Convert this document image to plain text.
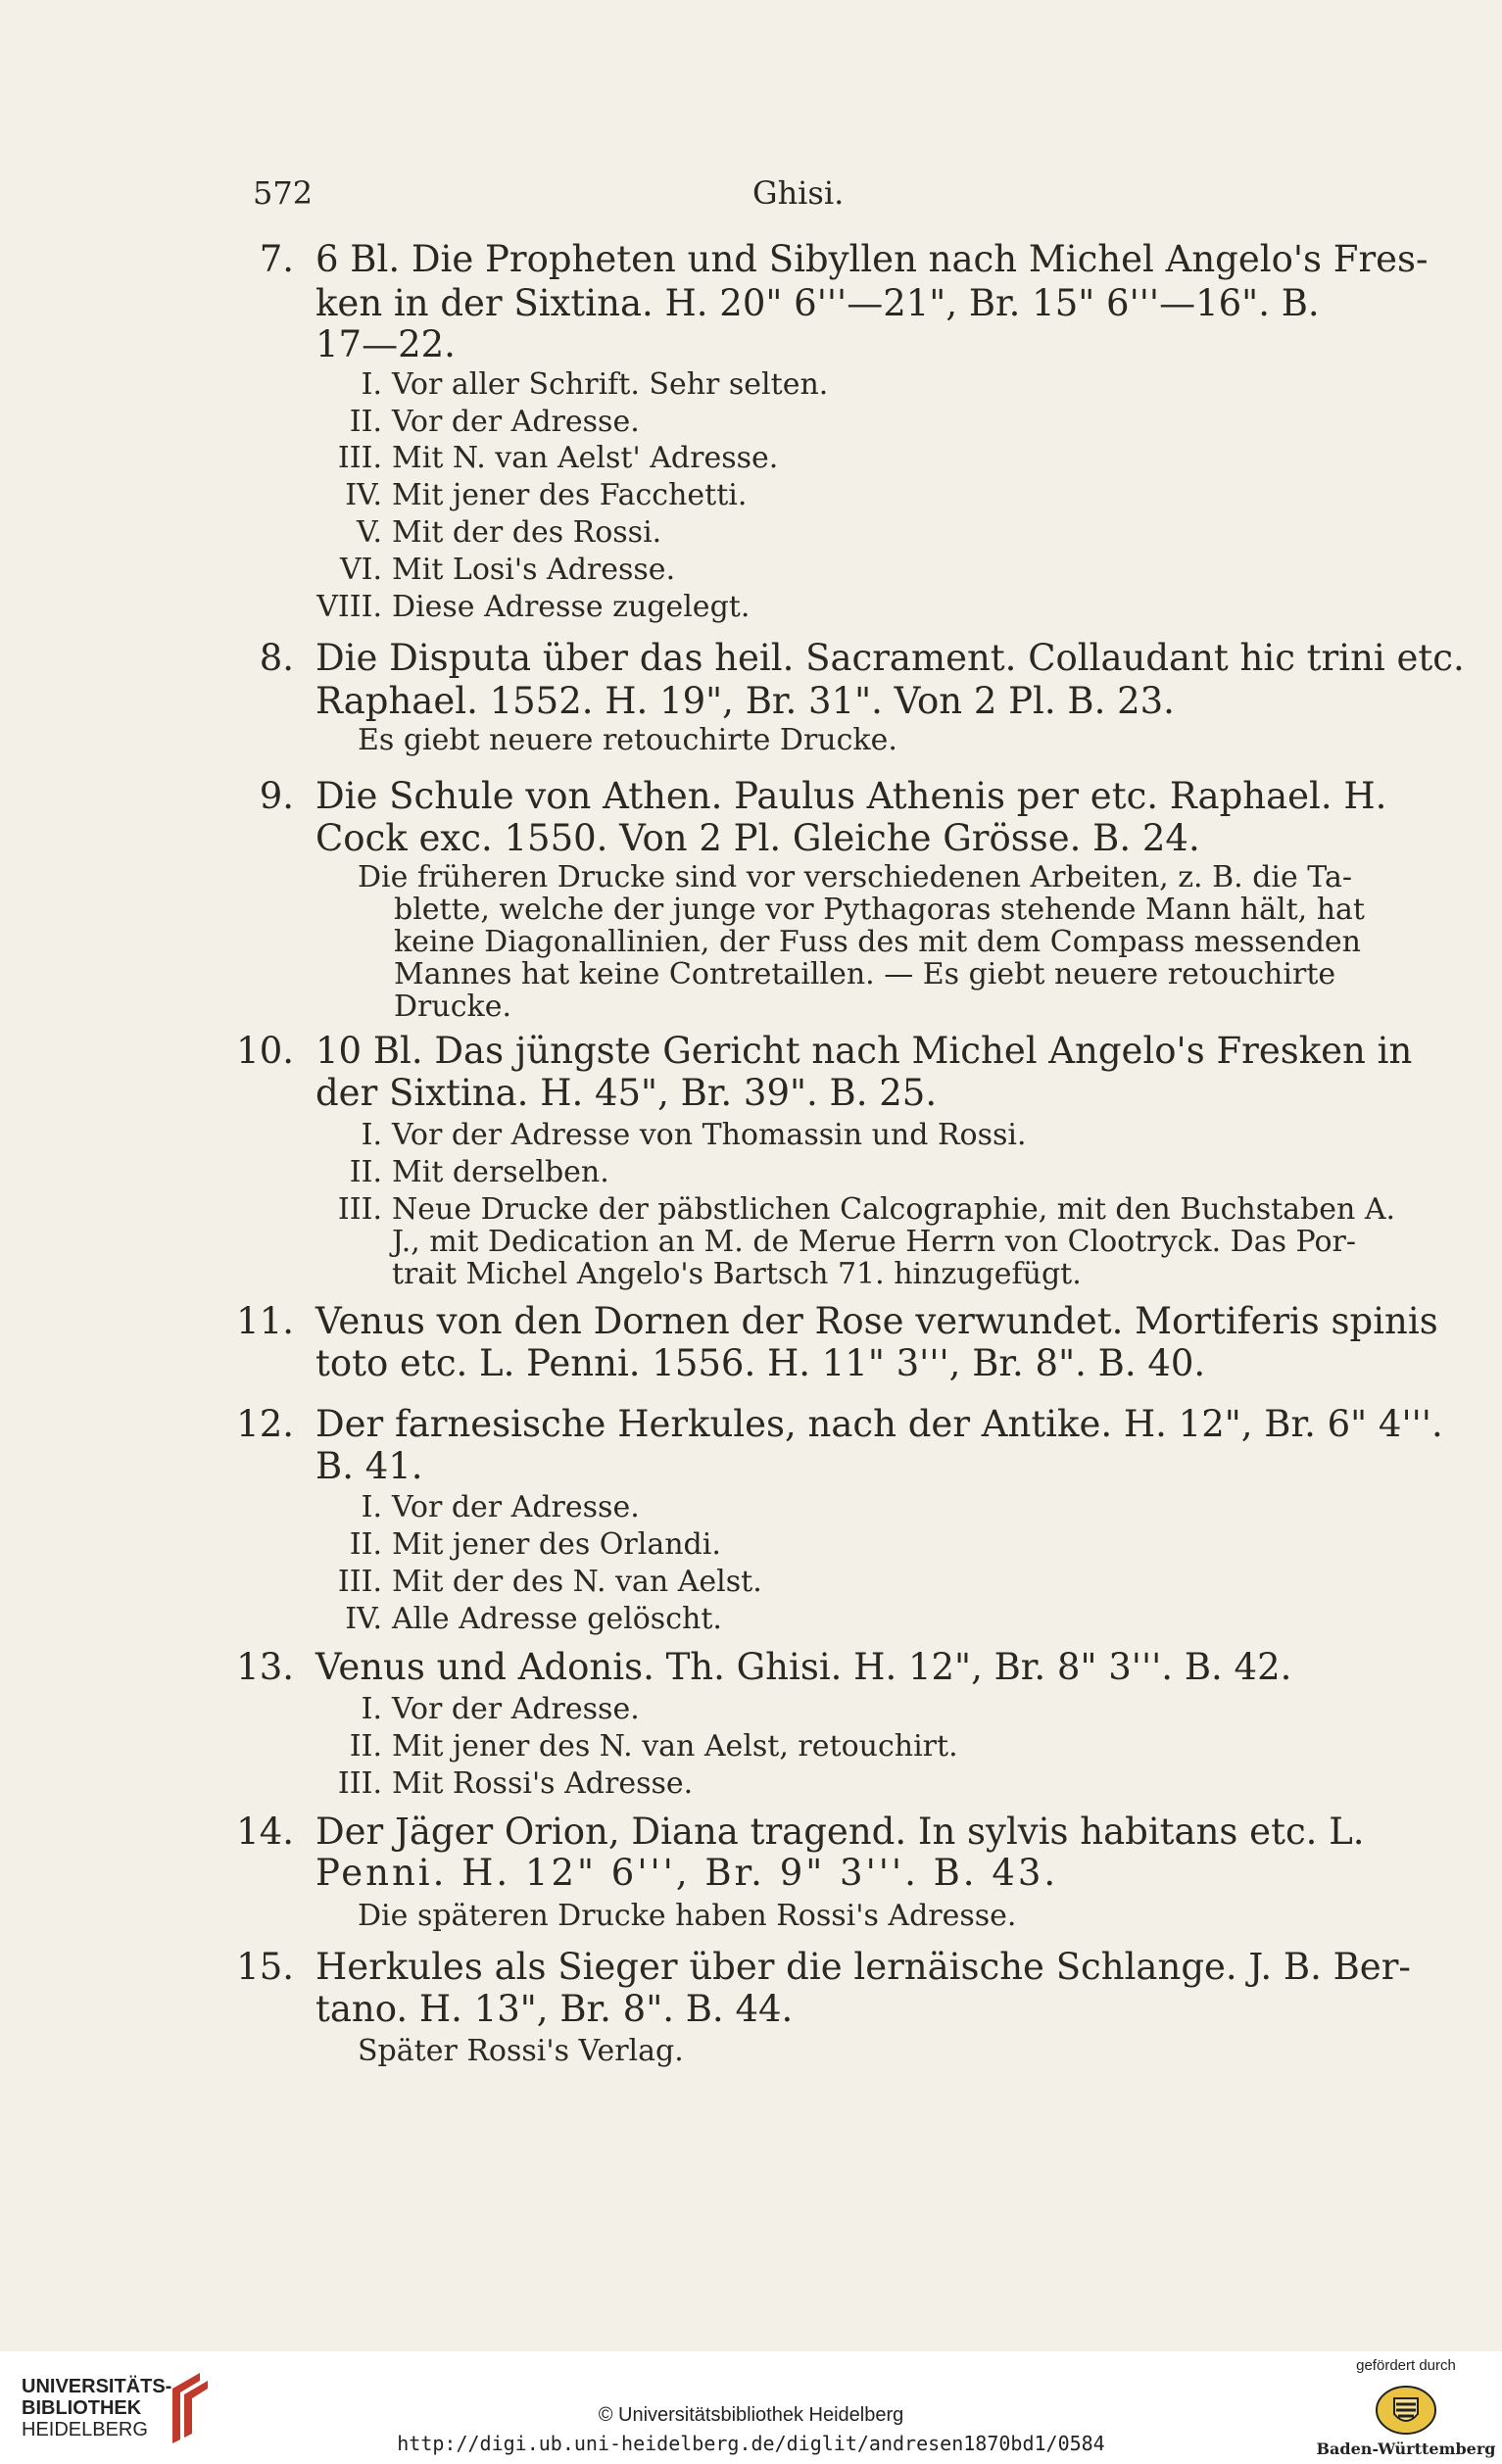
572	Ghisi.
7. 6 Bl. Die Propheten und Sibyllen nach Michel Angelo's Fres-
ken in der Sixtina. H. 20" 6'''—21", Br. 15" 6'''—16". B.
17—22.
I. Vor aller Schrift. Sehr selten.
II. Vor der Adresse.
III. Mit N. van Aelst' Adresse.
IV. Mit jener des Facchetti.
V. Mit der des Rossi.
VI. Mit Losi's Adresse.
VIII. Diese Adresse zugelegt.
8. Die Disputa über das heil. Sacrament. Collaudant hic trini etc.
Raphael. 1552. H. 19", Br. 31". Von 2 Pl. B. 23.
Es giebt neuere retouchirte Drucke.
9. Die Schule von Athen. Paulus Athenis per etc. Raphael. H.
Cock exc. 1550. Von 2 Pl. Gleiche Grösse. B. 24.
Die früheren Drucke sind vor verschiedenen Arbeiten, z. B. die Ta-
blette, welche der junge vor Pythagoras stehende Mann hält, hat
keine Diagonallinien, der Fuss des mit dem Compass messenden
Mannes hat keine Contretaillen. — Es giebt neuere retouchirte
Drucke.
10. 10 Bl. Das jüngste Gericht nach Michel Angelo's Fresken in
der Sixtina. H. 45", Br. 39". B. 25.
I. Vor der Adresse von Thomassin und Rossi.
II. Mit derselben.
III. Neue Drucke der päbstlichen Calcographie, mit den Buchstaben A.
J., mit Dedication an M. de Merue Herrn von Clootryck. Das Por-
trait Michel Angelo's Bartsch 71. hinzugefügt.
11. Venus von den Dornen der Rose verwundet. Mortiferis spinis
toto etc. L. Penni. 1556. H. 11" 3''', Br. 8". B. 40.
12. Der farnesische Herkules, nach der Antike. H. 12", Br. 6" 4'''.
B. 41.
I. Vor der Adresse.
II. Mit jener des Orlandi.
III. Mit der des N. van Aelst.
IV. Alle Adresse gelöscht.
13. Venus und Adonis. Th. Ghisi. H. 12", Br. 8" 3'''. B. 42.
I. Vor der Adresse.
II. Mit jener des N. van Aelst, retouchirt.
III. Mit Rossi's Adresse.
14. Der Jäger Orion, Diana tragend. In sylvis habitans etc. L.
Penni. H. 12" 6''', Br. 9" 3'''. B. 43.
Die späteren Drucke haben Rossi's Adresse.
15. Herkules als Sieger über die lernäische Schlange. J. B. Ber-
tano. H. 13", Br. 8". B. 44.
Später Rossi's Verlag.
UNIVERSITÄTS-
BIBLIOTHEK
HEIDELBERG
© Universitätsbibliothek Heidelberg
http://digi.ub.uni-heidelberg.de/diglit/andresen1870bd1/0584
gefördert durch
Baden-Württemberg
